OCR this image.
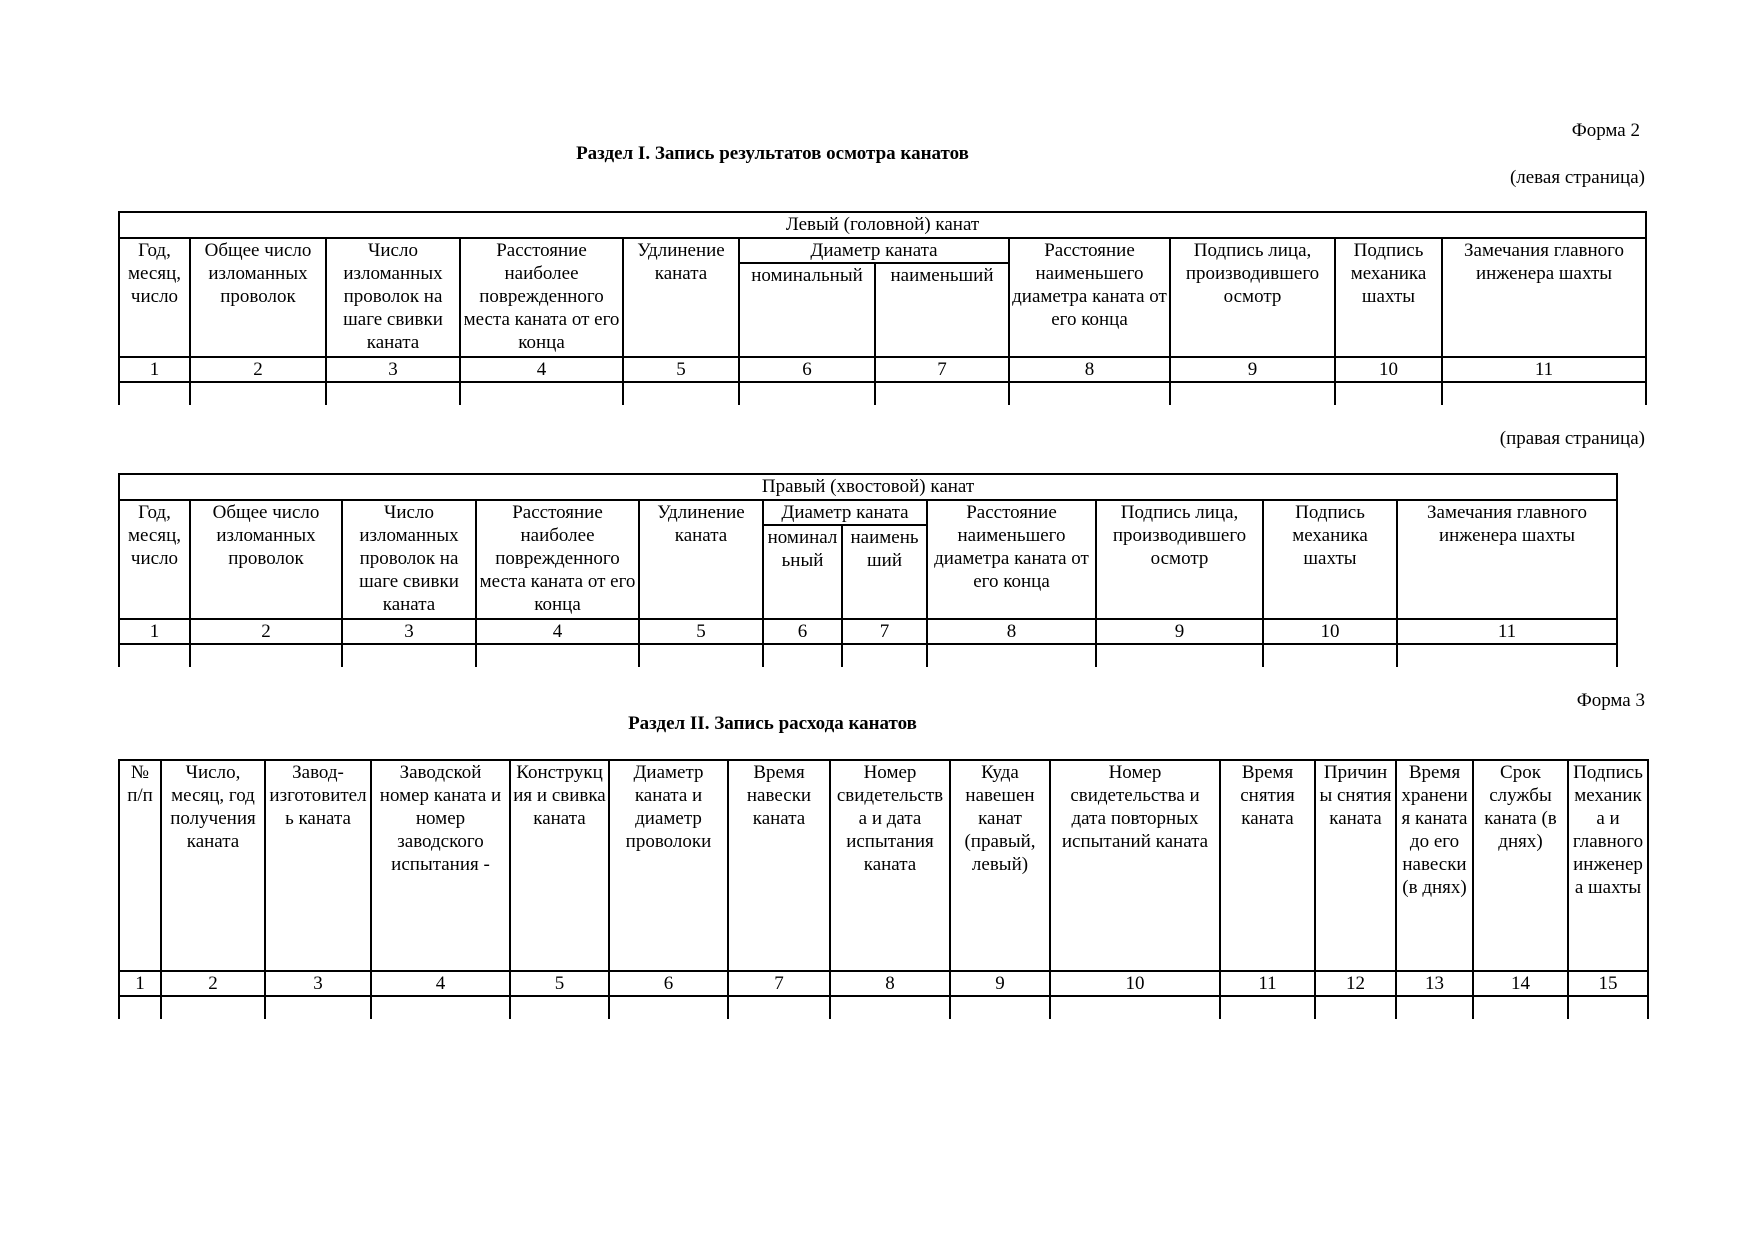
Форма 2
Раздел I. Запись результатов осмотра канатов
(левая страница)
Левый (головной) канат										
Год, месяц, число	Общее число изломанных проволок	Число изломанных проволок на шаге свивки каната	Расстояние наиболее поврежденного места каната от его конца	Удлинение каната	Диаметр каната		Расстояние наименьшего диаметра каната от его конца	Подпись лица, производившего осмотр	Подпись механика шахты	Замечания главного инженера шахты
					номинальный	наименьший				
1	2	3	4	5	6	7	8	9	10	11

(правая страница)
Правый (хвостовой) канат										
Год, месяц, число	Общее число изломанных проволок	Число изломанных проволок на шаге свивки каната	Расстояние наиболее поврежденного места каната от его конца	Удлинение каната	Диаметр каната		Расстояние наименьшего диаметра каната от его конца	Подпись лица, производившего осмотр	Подпись механика шахты	Замечания главного инженера шахты
					номинальный	наименьший				
1	2	3	4	5	6	7	8	9	10	11

Форма 3
Раздел II. Запись расхода канатов
№ п/п	Число, месяц, год получения каната	Завод-изготовитель каната	Заводской номер каната и номер заводского испытания -	Конструкция и свивка каната	Диаметр каната и диаметр проволоки	Время навески каната	Номер свидетельства и дата испытания каната	Куда навешен канат (правый, левый)	Номер свидетельства и дата повторных испытаний каната	Время снятия каната	Причины снятия каната	Время хранения каната до его навески (в днях)	Срок службы каната (в днях)	Подпись механика и главного инженера шахты
1	2	3	4	5	6	7	8	9	10	11	12	13	14	15
